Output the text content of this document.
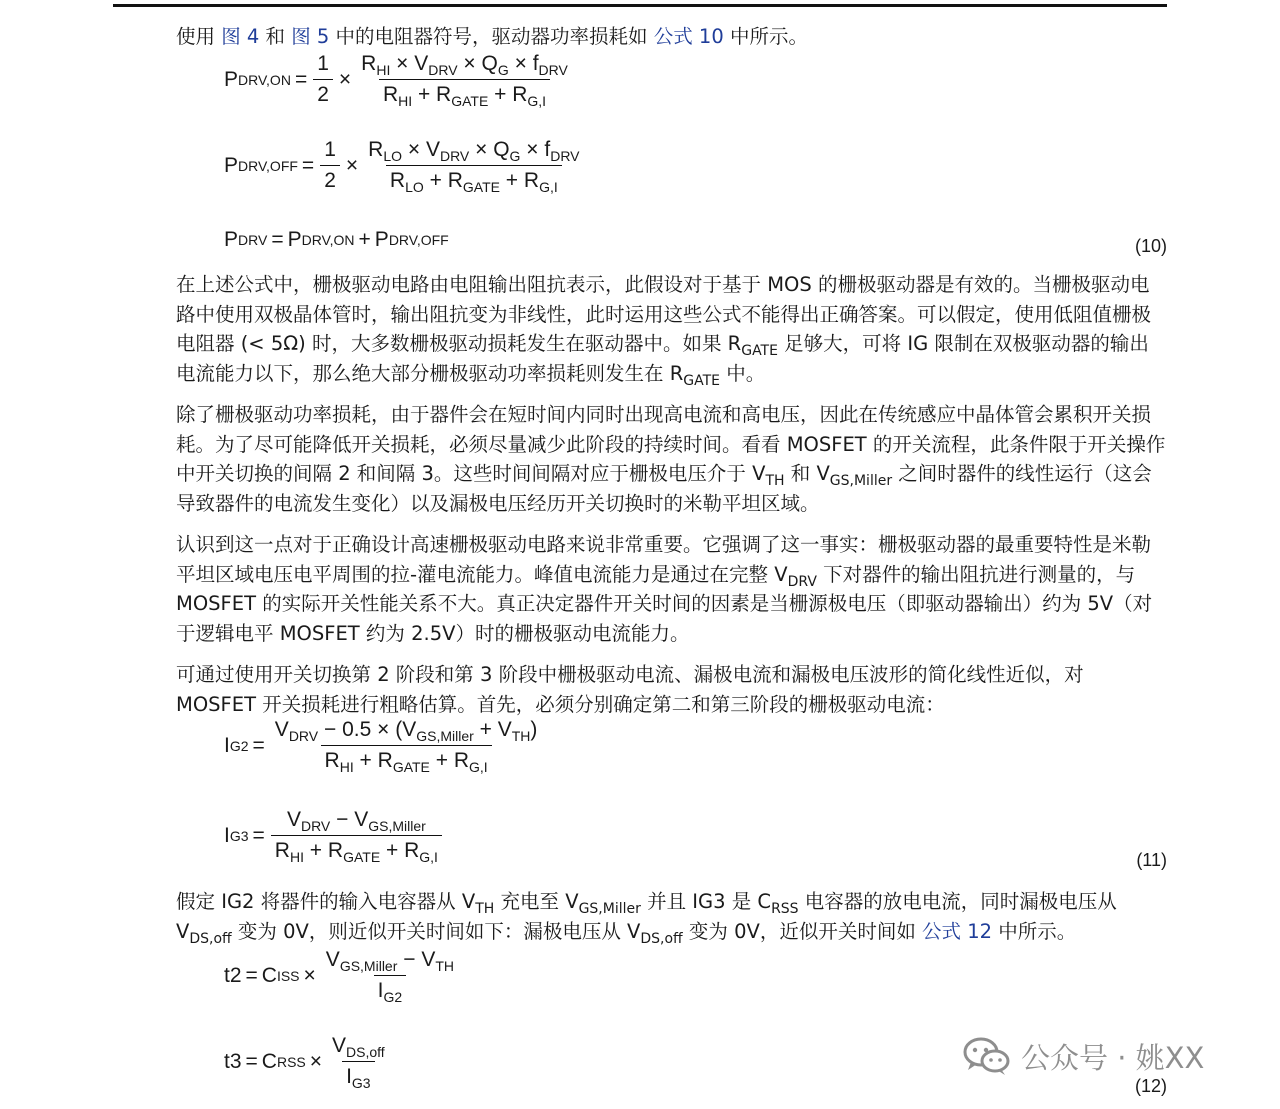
使用 图 4 和 图 5 中的电阻器符号，驱动器功率损耗如 公式 10 中所示。
P $DRV,ON = \frac{1}{2} \times \frac{R_{HI} \times V_{DRV} \times Q_G \times f_{DRV}}{R_{HI} + R_{GATE} + R_{G,I}}$
P $DRV,OFF = \frac{1}{2} \times \frac{R_{LO} \times V_{DRV} \times Q_G \times f_{DRV}}{R_{LO} + R_{GATE} + R_{G,I}}$
P DRV = P DRV,ON + P DRV,OFF	(10)
在上述公式中，栅极驱动电路由电阻输出阻抗表示，此假设对于基于 MOS 的栅极驱动器是有效的。当栅极驱动电路中使用双极晶体管时，输出阻抗变为非线性，此时运用这些公式不能得出正确答案。可以假定，使用低阻值栅极电阻器 (< 5Ω) 时，大多数栅极驱动损耗发生在驱动器中。如果 $R_{GATE}$ 足够大，可将 IG 限制在双极驱动器的输出电流能力以下，那么绝大部分栅极驱动功率损耗则发生在 $R_{GATE}$ 中。
除了栅极驱动功率损耗，由于器件会在短时间内同时出现高电流和高电压，因此在传统感应中晶体管会累积开关损耗。为了尽可能降低开关损耗，必须尽量减少此阶段的持续时间。看看 MOSFET 的开关流程，此条件限于开关操作中开关切换的间隔 2 和间隔 3。这些时间间隔对应于栅极电压介于 $V_{TH}$ 和 $V_{GS,Miller}$ 之间时器件的线性运行（这会导致器件的电流发生变化）以及漏极电压经历开关切换时的米勒平坦区域。
认识到这一点对于正确设计高速栅极驱动电路来说非常重要。它强调了这一事实：栅极驱动器的最重要特性是米勒平坦区域电压电平周围的拉-灌电流能力。峰值电流能力是通过在完整 $V_{DRV}$ 下对器件的输出阻抗进行测量的，与 MOSFET 的实际开关性能关系不大。真正决定器件开关时间的因素是当栅源极电压（即驱动器输出）约为 5V（对于逻辑电平 MOSFET 约为 2.5V）时的栅极驱动电流能力。
可通过使用开关切换第 2 阶段和第 3 阶段中栅极驱动电流、漏极电流和漏极电压波形的简化线性近似，对 MOSFET 开关损耗进行粗略估算。首先，必须分别确定第二和第三阶段的栅极驱动电流：
I $G2 = \frac{V_{DRV} - 0.5 \times (V_{GS,Miller} + V_{TH})}{R_{HI} + R_{GATE} + R_{G,I}}$
I $G3 = \frac{V_{DRV} - V_{GS,Miller}}{R_{HI} + R_{GATE} + R_{G,I}}$	(11)
假定 IG2 将器件的输入电容器从 $V_{TH}$ 充电至 $V_{GS,Miller}$ 并且 IG3 是 $C_{RSS}$ 电容器的放电电流，同时漏极电压从 $V_{DS,off}$ 变为 0V，则近似开关时间如下：漏极电压从 $V_{DS,off}$ 变为 0V，近似开关时间如 公式 12 中所示。
t2 = C ISS × $\frac{V_{GS,Miller} - V_{TH}}{I_{G2}}$
t3 = C RSS × $\frac{V_{DS,off}}{I_{G3}}$	(12)
公众号 · 姚XX
